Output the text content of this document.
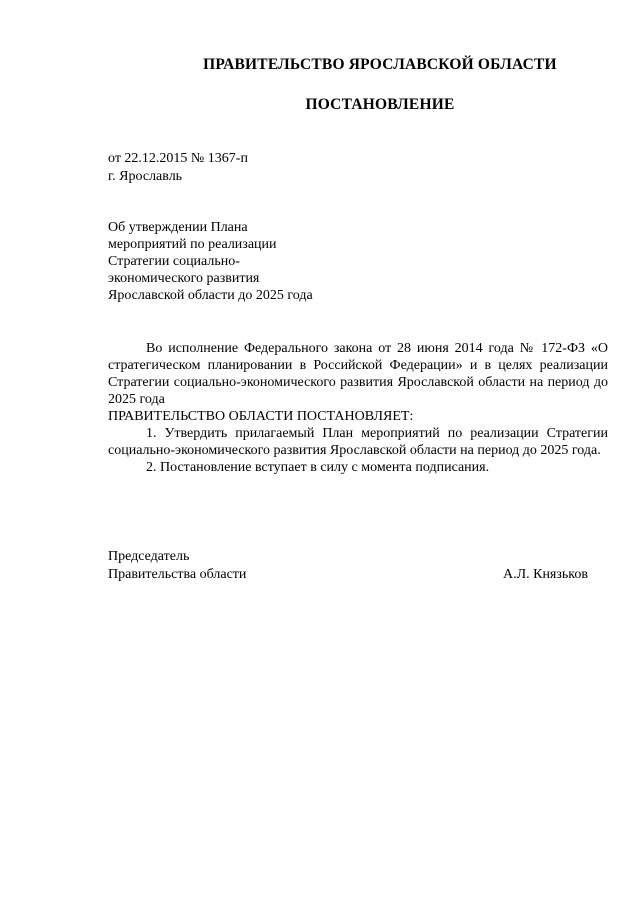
ПРАВИТЕЛЬСТВО ЯРОСЛАВСКОЙ ОБЛАСТИ
ПОСТАНОВЛЕНИЕ
от 22.12.2015 № 1367-п
г. Ярославль
Об утверждении Плана
мероприятий по реализации
Стратегии социально-
экономического развития
Ярославской области до 2025 года

Во исполнение Федерального закона от 28 июня 2014 года № 172-ФЗ «О стратегическом планировании в Российской Федерации» и в целях реализации Стратегии социально-экономического развития Ярославской области на период до 2025 года

ПРАВИТЕЛЬСТВО ОБЛАСТИ ПОСТАНОВЛЯЕТ:

1. Утвердить прилагаемый План мероприятий по реализации Стратегии социально-экономического развития Ярославской области на период до 2025 года.

2. Постановление вступает в силу с момента подписания.

Председатель
Правительства области	А.Л. Князьков
